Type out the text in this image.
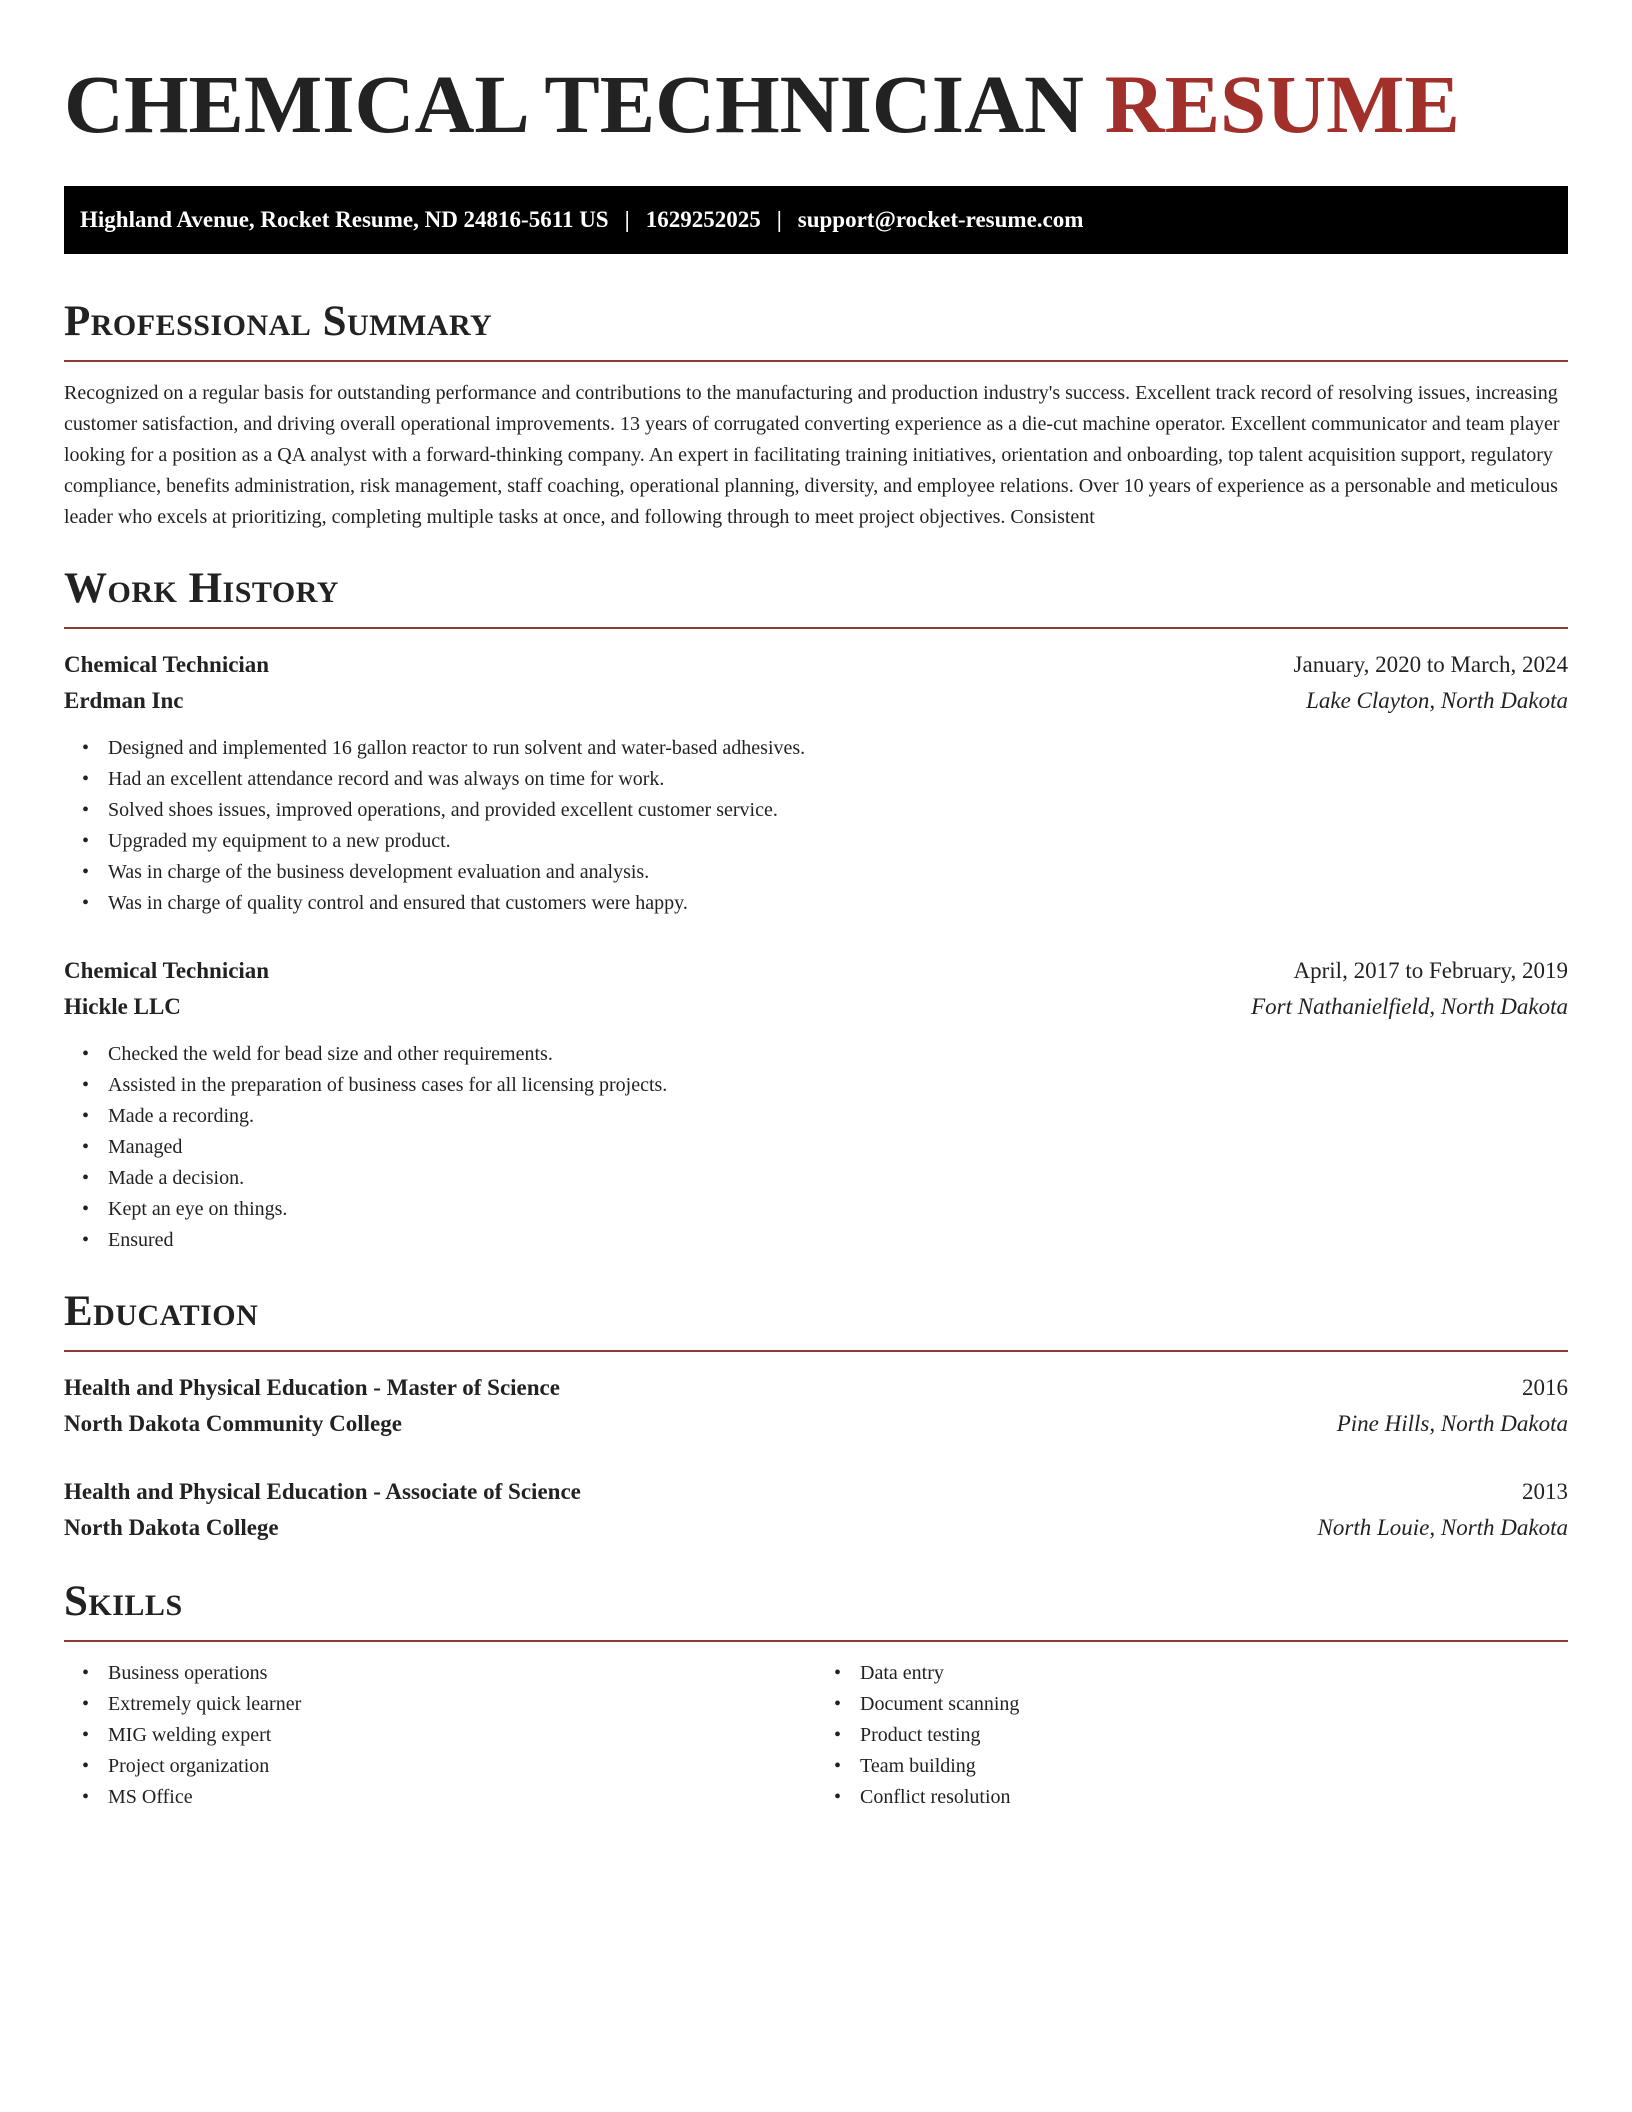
CHEMICAL TECHNICIAN RESUME
Highland Avenue, Rocket Resume, ND 24816-5611 US | 1629252025 | support@rocket-resume.com
Professional Summary

Recognized on a regular basis for outstanding performance and contributions to the manufacturing and production industry's success. Excellent track record of resolving issues, increasing customer satisfaction, and driving overall operational improvements. 13 years of corrugated converting experience as a die-cut machine operator. Excellent communicator and team player looking for a position as a QA analyst with a forward-thinking company. An expert in facilitating training initiatives, orientation and onboarding, top talent acquisition support, regulatory compliance, benefits administration, risk management, staff coaching, operational planning, diversity, and employee relations. Over 10 years of experience as a personable and meticulous leader who excels at prioritizing, completing multiple tasks at once, and following through to meet project objectives. Consistent

Work History
Chemical Technician	January, 2020 to March, 2024
Erdman Inc	Lake Clayton, North Dakota
• Designed and implemented 16 gallon reactor to run solvent and water-based adhesives.
• Had an excellent attendance record and was always on time for work.
• Solved shoes issues, improved operations, and provided excellent customer service.
• Upgraded my equipment to a new product.
• Was in charge of the business development evaluation and analysis.
• Was in charge of quality control and ensured that customers were happy.
Chemical Technician	April, 2017 to February, 2019
Hickle LLC	Fort Nathanielfield, North Dakota
• Checked the weld for bead size and other requirements.
• Assisted in the preparation of business cases for all licensing projects.
• Made a recording.
• Managed
• Made a decision.
• Kept an eye on things.
• Ensured
Education
Health and Physical Education - Master of Science	2016
North Dakota Community College	Pine Hills, North Dakota
Health and Physical Education - Associate of Science	2013
North Dakota College	North Louie, North Dakota
Skills
• Business operations
• Extremely quick learner
• MIG welding expert
• Project organization
• MS Office
• Data entry
• Document scanning
• Product testing
• Team building
• Conflict resolution
